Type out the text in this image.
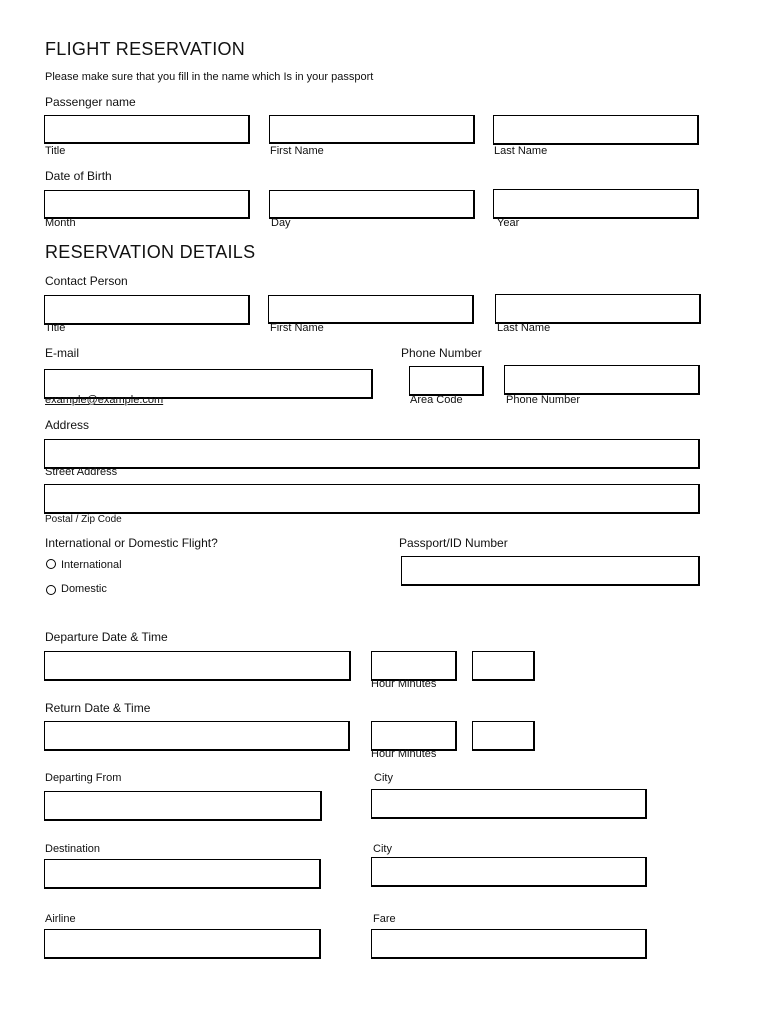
FLIGHT RESERVATION
Please make sure that you fill in the name which Is in your passport
Passenger name
Title	First Name	Last Name
Date of Birth
Month	Day	Year
RESERVATION DETAILS
Contact Person
Title	First Name	Last Name
E-mail	Phone Number
example@example.com	Area Code	Phone Number
Address
Street Address
Postal / Zip Code
International or Domestic Flight?	Passport/ID Number
International
Domestic
Departure Date & Time
Hour Minutes
Return Date & Time
Hour Minutes
Departing From	City
Destination	City
Airline	Fare
